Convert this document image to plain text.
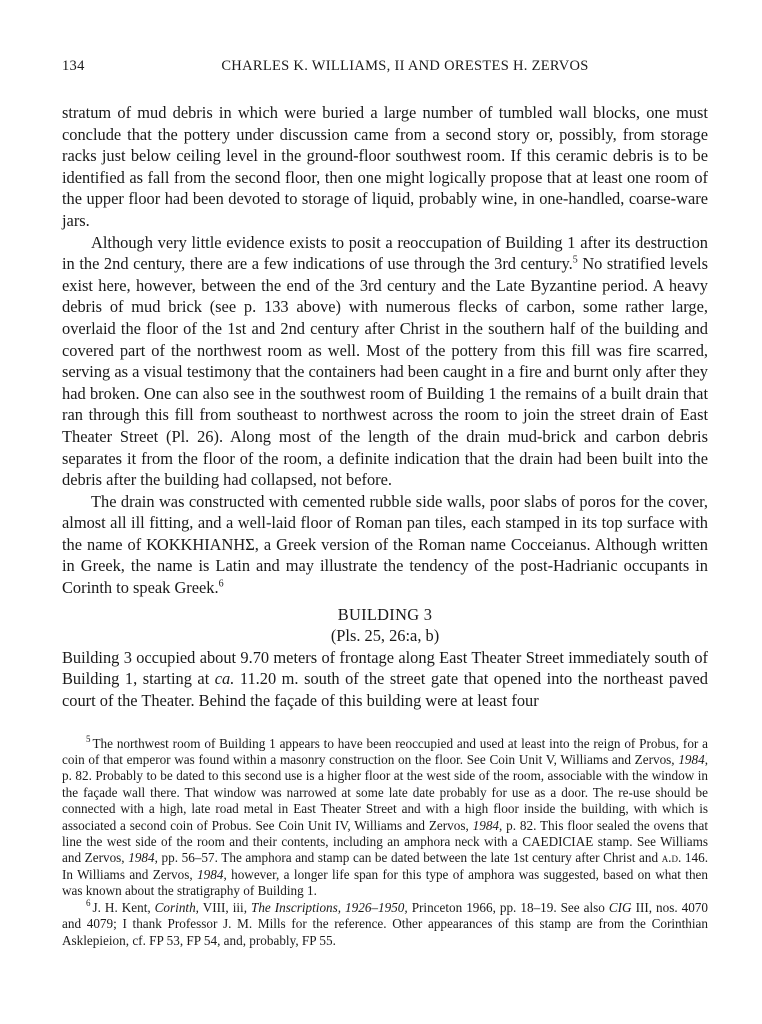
134	CHARLES K. WILLIAMS, II AND ORESTES H. ZERVOS

stratum of mud debris in which were buried a large number of tumbled wall blocks, one must conclude that the pottery under discussion came from a second story or, possibly, from storage racks just below ceiling level in the ground-floor southwest room. If this ceramic debris is to be identified as fall from the second floor, then one might logically propose that at least one room of the upper floor had been devoted to storage of liquid, probably wine, in one-handled, coarse-ware jars.

Although very little evidence exists to posit a reoccupation of Building 1 after its destruction in the 2nd century, there are a few indications of use through the 3rd century.$^5$ No stratified levels exist here, however, between the end of the 3rd century and the Late Byzantine period. A heavy debris of mud brick (see p. 133 above) with numerous flecks of carbon, some rather large, overlaid the floor of the 1st and 2nd century after Christ in the southern half of the building and covered part of the northwest room as well. Most of the pottery from this fill was fire scarred, serving as a visual testimony that the containers had been caught in a fire and burnt only after they had broken. One can also see in the southwest room of Building 1 the remains of a built drain that ran through this fill from southeast to northwest across the room to join the street drain of East Theater Street (Pl. 26). Along most of the length of the drain mud-brick and carbon debris separates it from the floor of the room, a definite indication that the drain had been built into the debris after the building had collapsed, not before.

The drain was constructed with cemented rubble side walls, poor slabs of poros for the cover, almost all ill fitting, and a well-laid floor of Roman pan tiles, each stamped in its top surface with the name of ΚΟΚΚΗΙΑΝΗΣ, a Greek version of the Roman name Cocceianus. Although written in Greek, the name is Latin and may illustrate the tendency of the post-Hadrianic occupants in Corinth to speak Greek.$^6$

BUILDING 3
(Pls. 25, 26:a, b)

Building 3 occupied about 9.70 meters of frontage along East Theater Street immediately south of Building 1, starting at ca. 11.20 m. south of the street gate that opened into the northeast paved court of the Theater. Behind the façade of this building were at least four

$^5$ The northwest room of Building 1 appears to have been reoccupied and used at least into the reign of Probus, for a coin of that emperor was found within a masonry construction on the floor. See Coin Unit V, Williams and Zervos, 1984, p. 82. Probably to be dated to this second use is a higher floor at the west side of the room, associable with the window in the façade wall there. That window was narrowed at some late date probably for use as a door. The re-use should be connected with a high, late road metal in East Theater Street and with a high floor inside the building, with which is associated a second coin of Probus. See Coin Unit IV, Williams and Zervos, 1984, p. 82. This floor sealed the ovens that line the west side of the room and their contents, including an amphora neck with a CAEDICIAE stamp. See Williams and Zervos, 1984, pp. 56–57. The amphora and stamp can be dated between the late 1st century after Christ and a.d. 146. In Williams and Zervos, 1984, however, a longer life span for this type of amphora was suggested, based on what then was known about the stratigraphy of Building 1.

$^6$ J. H. Kent, Corinth, VIII, iii, The Inscriptions, 1926–1950, Princeton 1966, pp. 18–19. See also CIG III, nos. 4070 and 4079; I thank Professor J. M. Mills for the reference. Other appearances of this stamp are from the Corinthian Asklepieion, cf. FP 53, FP 54, and, probably, FP 55.
